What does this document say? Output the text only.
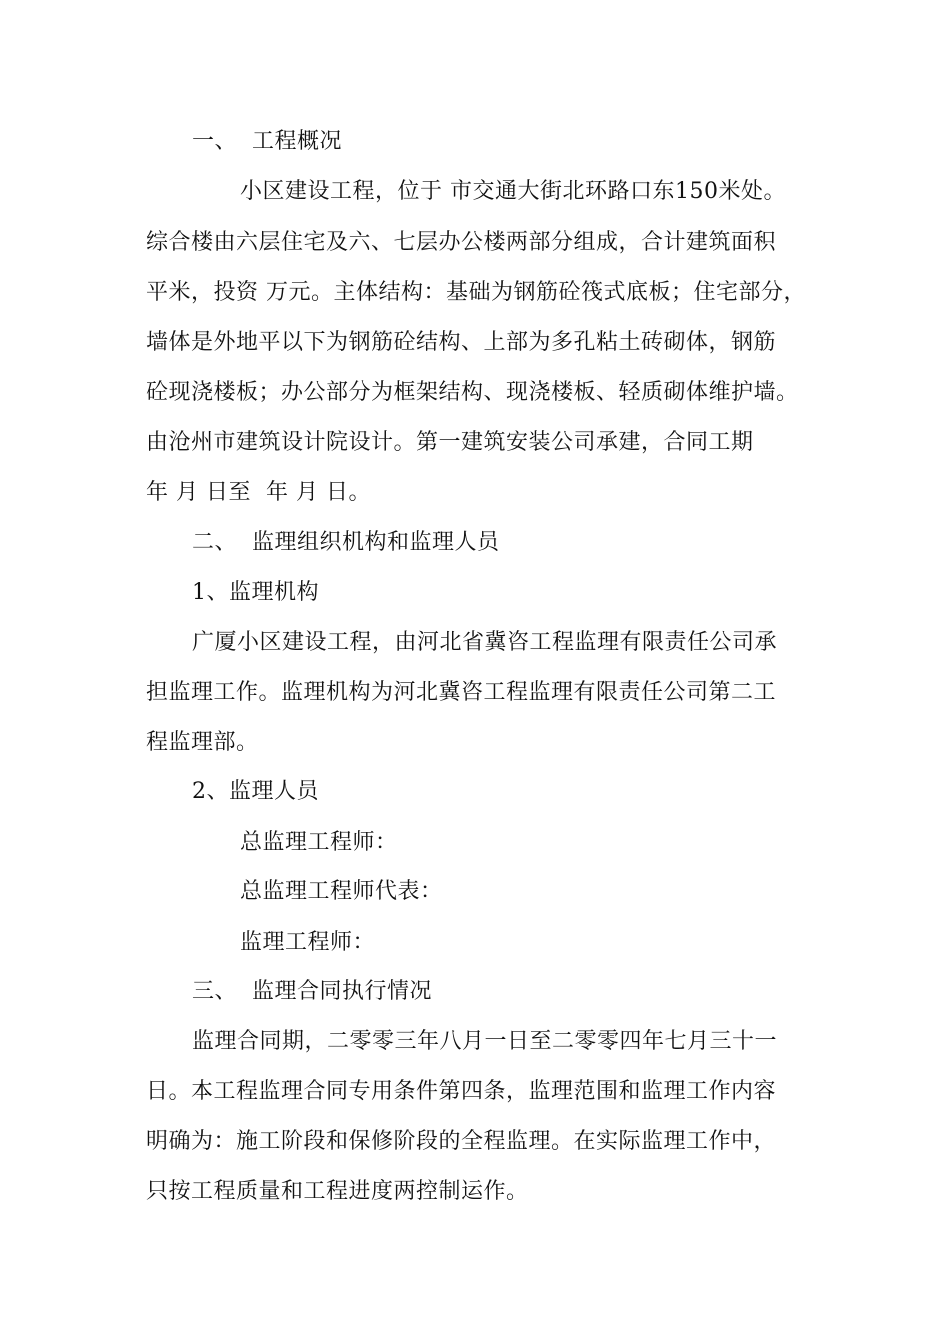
一、  工程概况
小区建设工程，位于 市交通大街北环路口东150米处。
综合楼由六层住宅及六、七层办公楼两部分组成，合计建筑面积
平米，投资 万元。主体结构：基础为钢筋砼筏式底板；住宅部分，
墙体是外地平以下为钢筋砼结构、上部为多孔粘土砖砌体，钢筋
砼现浇楼板；办公部分为框架结构、现浇楼板、轻质砌体维护墙。
由沧州市建筑设计院设计。第一建筑安装公司承建，合同工期
年 月 日至  年 月 日。
二、  监理组织机构和监理人员
1、监理机构
广厦小区建设工程，由河北省冀咨工程监理有限责任公司承
担监理工作。监理机构为河北冀咨工程监理有限责任公司第二工
程监理部。
2、监理人员
总监理工程师：
总监理工程师代表：
监理工程师：
三、  监理合同执行情况
监理合同期，二零零三年八月一日至二零零四年七月三十一
日。本工程监理合同专用条件第四条，监理范围和监理工作内容
明确为：施工阶段和保修阶段的全程监理。在实际监理工作中，
只按工程质量和工程进度两控制运作。
